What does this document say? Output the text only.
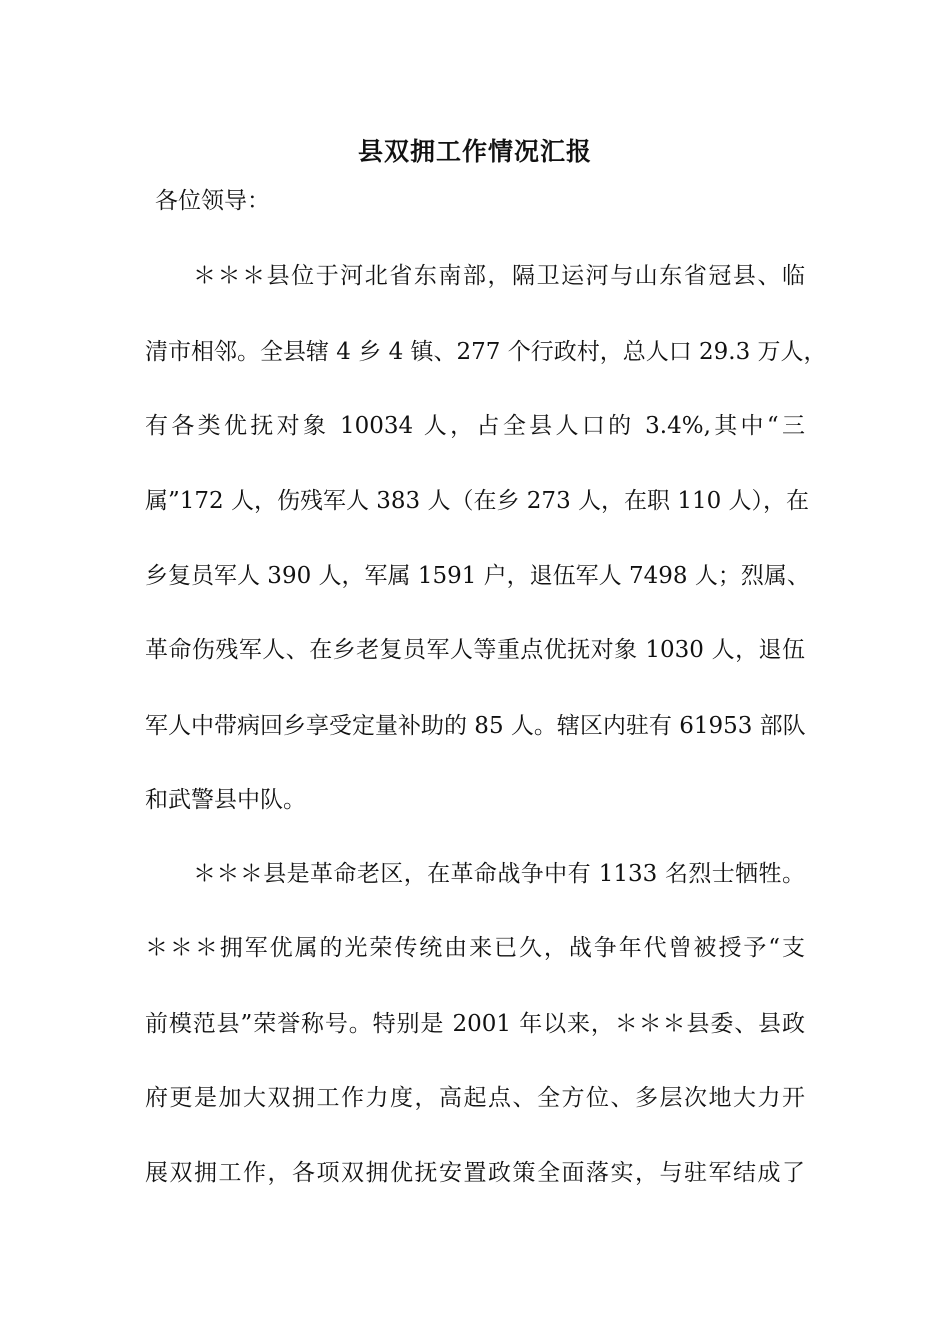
县双拥工作情况汇报
各位领导：
＊＊＊县位于河北省东南部，隔卫运河与山东省冠县、临
清市相邻。全县辖 4 乡 4 镇、277 个行政村，总人口 29.3 万人，
有各类优抚对象 10034 人，占全县人口的 3.4%,其中“三
属”172 人，伤残军人 383 人（在乡 273 人，在职 110 人），在
乡复员军人 390 人，军属 1591 户，退伍军人 7498 人；烈属、
革命伤残军人、在乡老复员军人等重点优抚对象 1030 人，退伍
军人中带病回乡享受定量补助的 85 人。辖区内驻有 61953 部队
和武警县中队。
＊＊＊县是革命老区，在革命战争中有 1133 名烈士牺牲。
＊＊＊拥军优属的光荣传统由来已久，战争年代曾被授予“支
前模范县”荣誉称号。特别是 2001 年以来，＊＊＊县委、县政
府更是加大双拥工作力度，高起点、全方位、多层次地大力开
展双拥工作，各项双拥优抚安置政策全面落实，与驻军结成了
